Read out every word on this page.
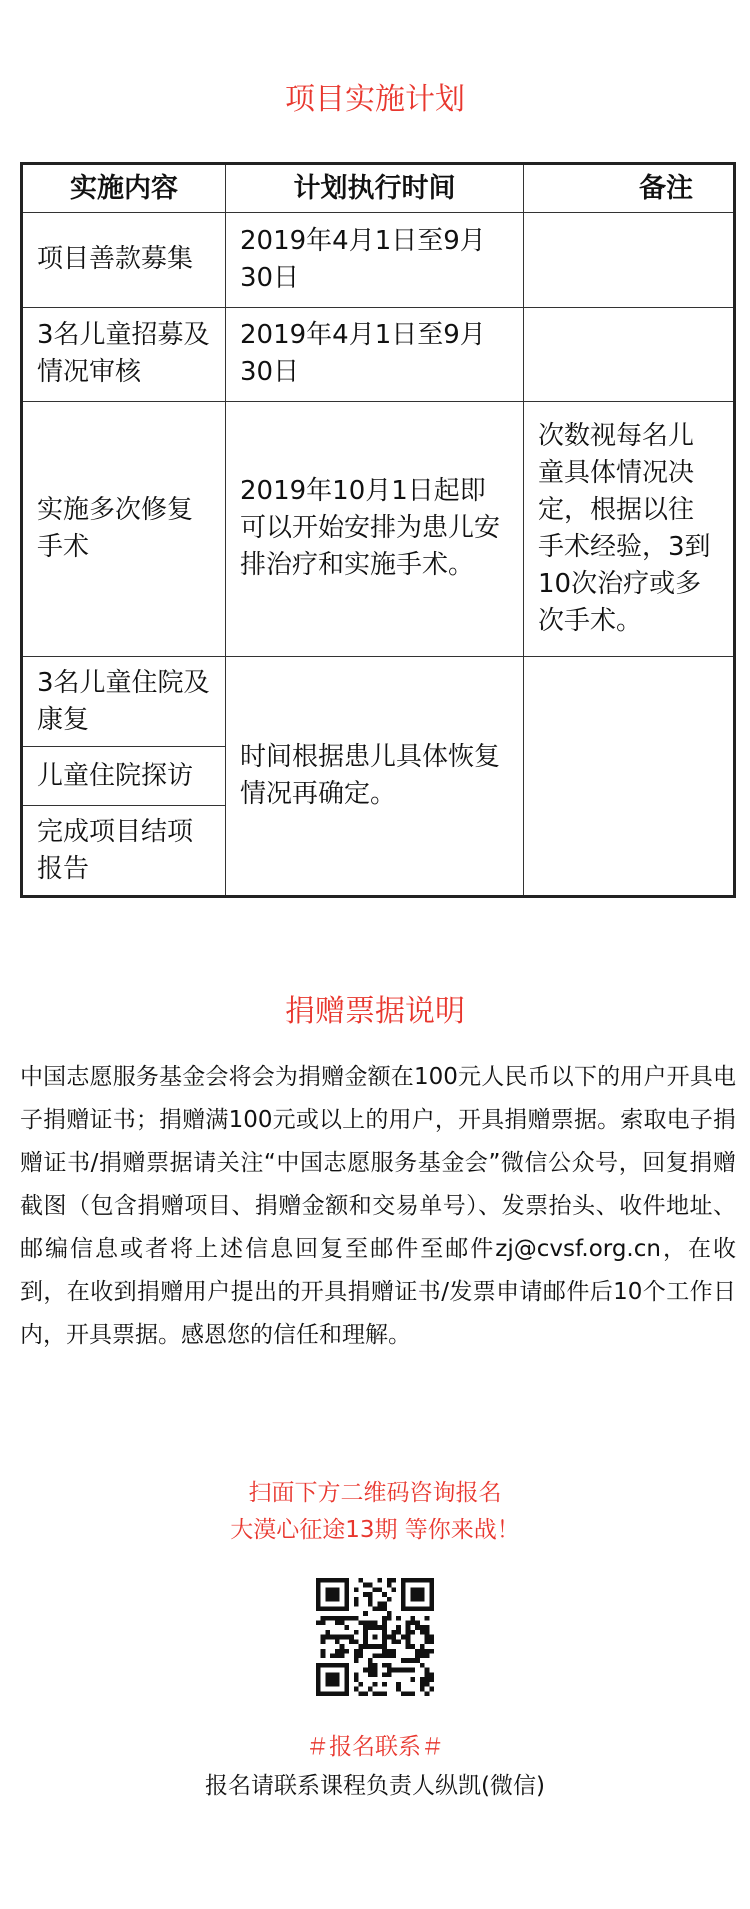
项目实施计划
实施内容	计划执行时间	备注
项目善款募集	2019年4月1日至9月30日	
3名儿童招募及情况审核	2019年4月1日至9月30日	
实施多次修复手术	2019年10月1日起即可以开始安排为患儿安排治疗和实施手术。	次数视每名儿童具体情况决定，根据以往手术经验，3到10次治疗或多次手术。
3名儿童住院及康复	时间根据患儿具体恢复情况再确定。	
儿童住院探访		
完成项目结项报告		
捐赠票据说明

中国志愿服务基金会将会为捐赠金额在100元人民币以下的用户开具电子捐赠证书；捐赠满100元或以上的用户，开具捐赠票据。索取电子捐赠证书/捐赠票据请关注“中国志愿服务基金会”微信公众号，回复捐赠截图（包含捐赠项目、捐赠金额和交易单号）、发票抬头、收件地址、邮编信息或者将上述信息回复至邮件至邮件zj@cvsf.org.cn，在收到，在收到捐赠用户提出的开具捐赠证书/发票申请邮件后10个工作日内，开具票据。感恩您的信任和理解。

扫面下方二维码咨询报名
大漠心征途13期 等你来战！
＃报名联系＃
报名请联系课程负责人纵凯(微信)
